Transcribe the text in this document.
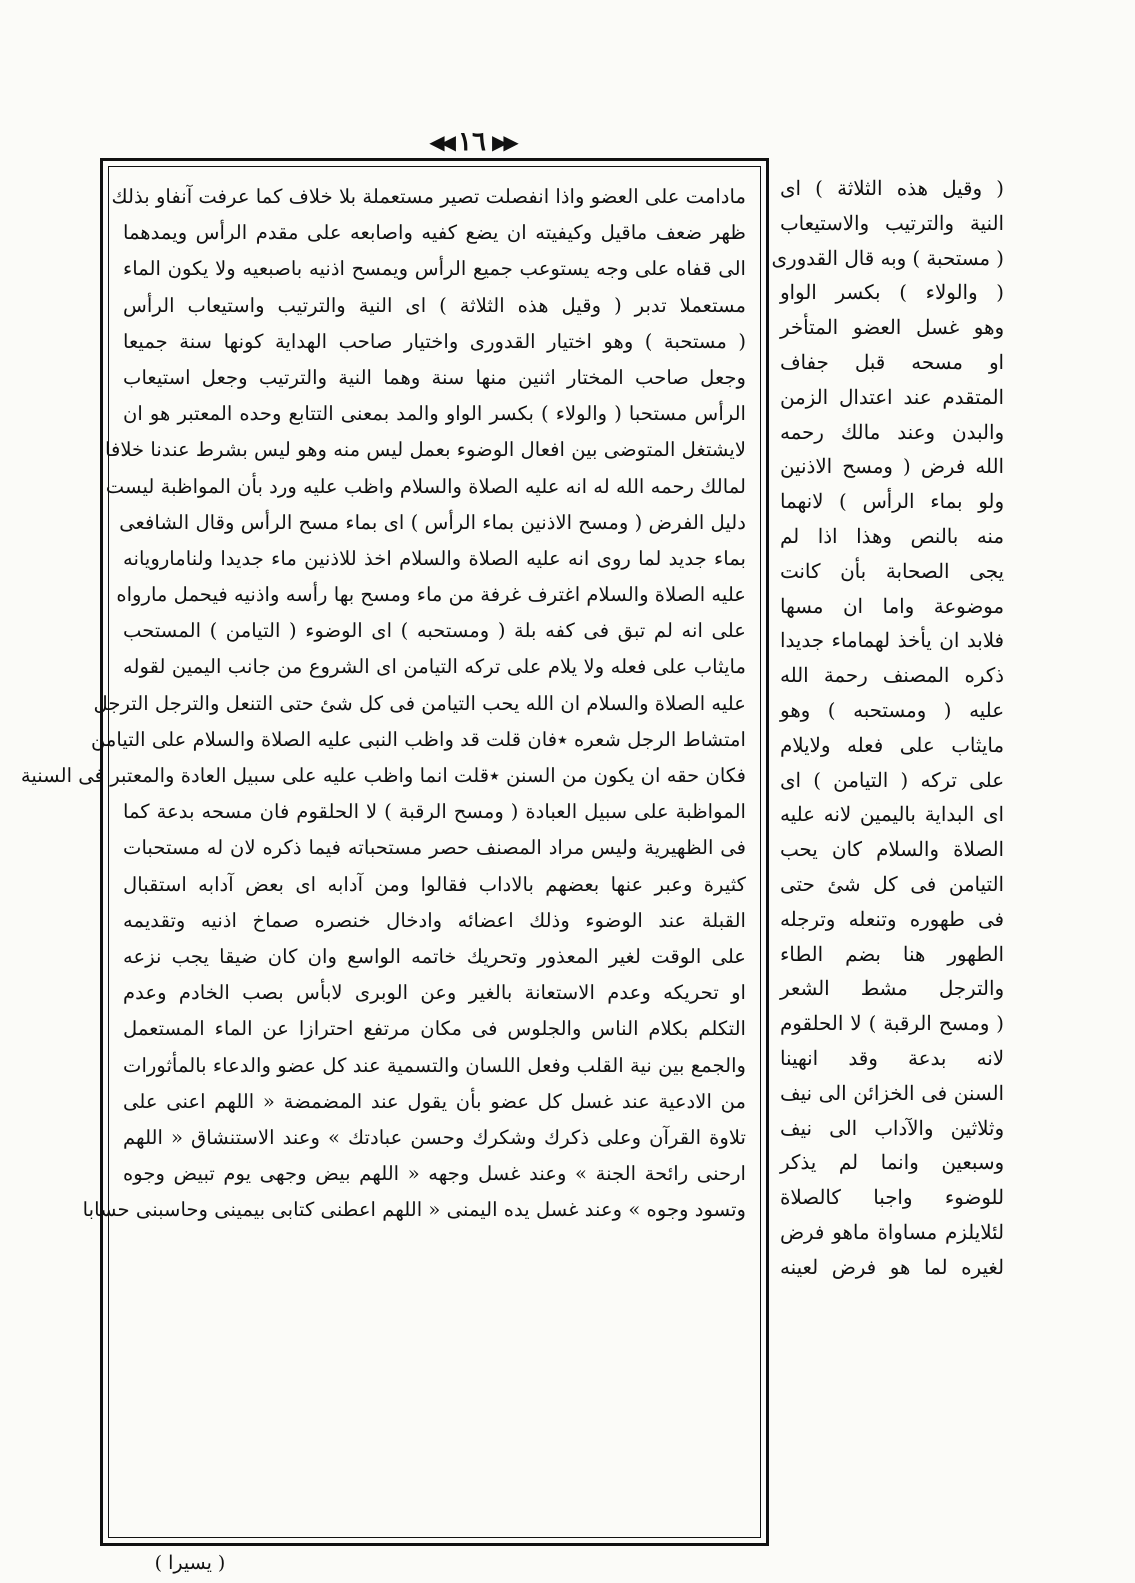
◀◀ ١٦ ▶▶
مادامت على العضو واذا انفصلت تصير مستعملة بلا خلاف كما عرفت آنفاو بذلك
ظهر ضعف ماقيل وكيفيته ان يضع كفيه واصابعه على مقدم الرأس ويمدهما
الى قفاه على وجه يستوعب جميع الرأس ويمسح اذنيه باصبعيه ولا يكون الماء
مستعملا تدبر ( وقيل هذه الثلاثة ) اى النية والترتيب واستيعاب الرأس
( مستحبة ) وهو اختيار القدورى واختيار صاحب الهداية كونها سنة جميعا
وجعل صاحب المختار اثنين منها سنة وهما النية والترتيب وجعل استيعاب
الرأس مستحبا ( والولاء ) بكسر الواو والمد بمعنى التتابع وحده المعتبر هو ان
لايشتغل المتوضى بين افعال الوضوء بعمل ليس منه وهو ليس بشرط عندنا خلافا
لمالك رحمه الله له انه عليه الصلاة والسلام واظب عليه ورد بأن المواظبة ليست
دليل الفرض ( ومسح الاذنين بماء الرأس ) اى بماء مسح الرأس وقال الشافعى
بماء جديد لما روى انه عليه الصلاة والسلام اخذ للاذنين ماء جديدا ولنامارويانه
عليه الصلاة والسلام اغترف غرفة من ماء ومسح بها رأسه واذنيه فيحمل مارواه
على انه لم تبق فى كفه بلة ( ومستحبه ) اى الوضوء ( التيامن ) المستحب
مايثاب على فعله ولا يلام على تركه التيامن اى الشروع من جانب اليمين لقوله
عليه الصلاة والسلام ان الله يحب التيامن فى كل شئ حتى التنعل والترجل الترجل
امتشاط الرجل شعره ٭فان قلت قد واظب النبى عليه الصلاة والسلام على التيامن
فكان حقه ان يكون من السنن ٭قلت انما واظب عليه على سبيل العادة والمعتبر فى السنية
المواظبة على سبيل العبادة ( ومسح الرقبة ) لا الحلقوم فان مسحه بدعة كما
فى الظهيرية وليس مراد المصنف حصر مستحباته فيما ذكره لان له مستحبات
كثيرة وعبر عنها بعضهم بالاداب فقالوا ومن آدابه اى بعض آدابه استقبال
القبلة عند الوضوء وذلك اعضائه وادخال خنصره صماخ اذنيه وتقديمه
على الوقت لغير المعذور وتحريك خاتمه الواسع وان كان ضيقا يجب نزعه
او تحريكه وعدم الاستعانة بالغير وعن الوبرى لابأس بصب الخادم وعدم
التكلم بكلام الناس والجلوس فى مكان مرتفع احترازا عن الماء المستعمل
والجمع بين نية القلب وفعل اللسان والتسمية عند كل عضو والدعاء بالمأثورات
من الادعية عند غسل كل عضو بأن يقول عند المضمضة « اللهم اعنى على
تلاوة القرآن وعلى ذكرك وشكرك وحسن عبادتك » وعند الاستنشاق « اللهم
ارحنى رائحة الجنة » وعند غسل وجهه « اللهم بيض وجهى يوم تبيض وجوه
وتسود وجوه » وعند غسل يده اليمنى « اللهم اعطنى كتابى بيمينى وحاسبنى حسابا
( وقيل هذه الثلاثة ) اى
النية والترتيب والاستيعاب
( مستحبة ) وبه قال القدورى
( والولاء ) بكسر الواو
وهو غسل العضو المتأخر
او مسحه قبل جفاف
المتقدم عند اعتدال الزمن
والبدن وعند مالك رحمه
الله فرض ( ومسح الاذنين
ولو بماء الرأس ) لانهما
منه بالنص وهذا اذا لم
يجى الصحابة بأن كانت
موضوعة واما ان مسها
فلابد ان يأخذ لهماماء جديدا
ذكره المصنف رحمة الله
عليه ( ومستحبه ) وهو
مايثاب على فعله ولايلام
على تركه ( التيامن ) اى
اى البداية باليمين لانه عليه
الصلاة والسلام كان يحب
التيامن فى كل شئ حتى
فى طهوره وتنعله وترجله
الطهور هنا بضم الطاء
والترجل مشط الشعر
( ومسح الرقبة ) لا الحلقوم
لانه بدعة وقد انهينا
السنن فى الخزائن الى نيف
وثلاثين والآداب الى نيف
وسبعين وانما لم يذكر
للوضوء واجبا كالصلاة
لئلايلزم مساواة ماهو فرض
لغيره لما هو فرض لعينه
( يسيرا )
